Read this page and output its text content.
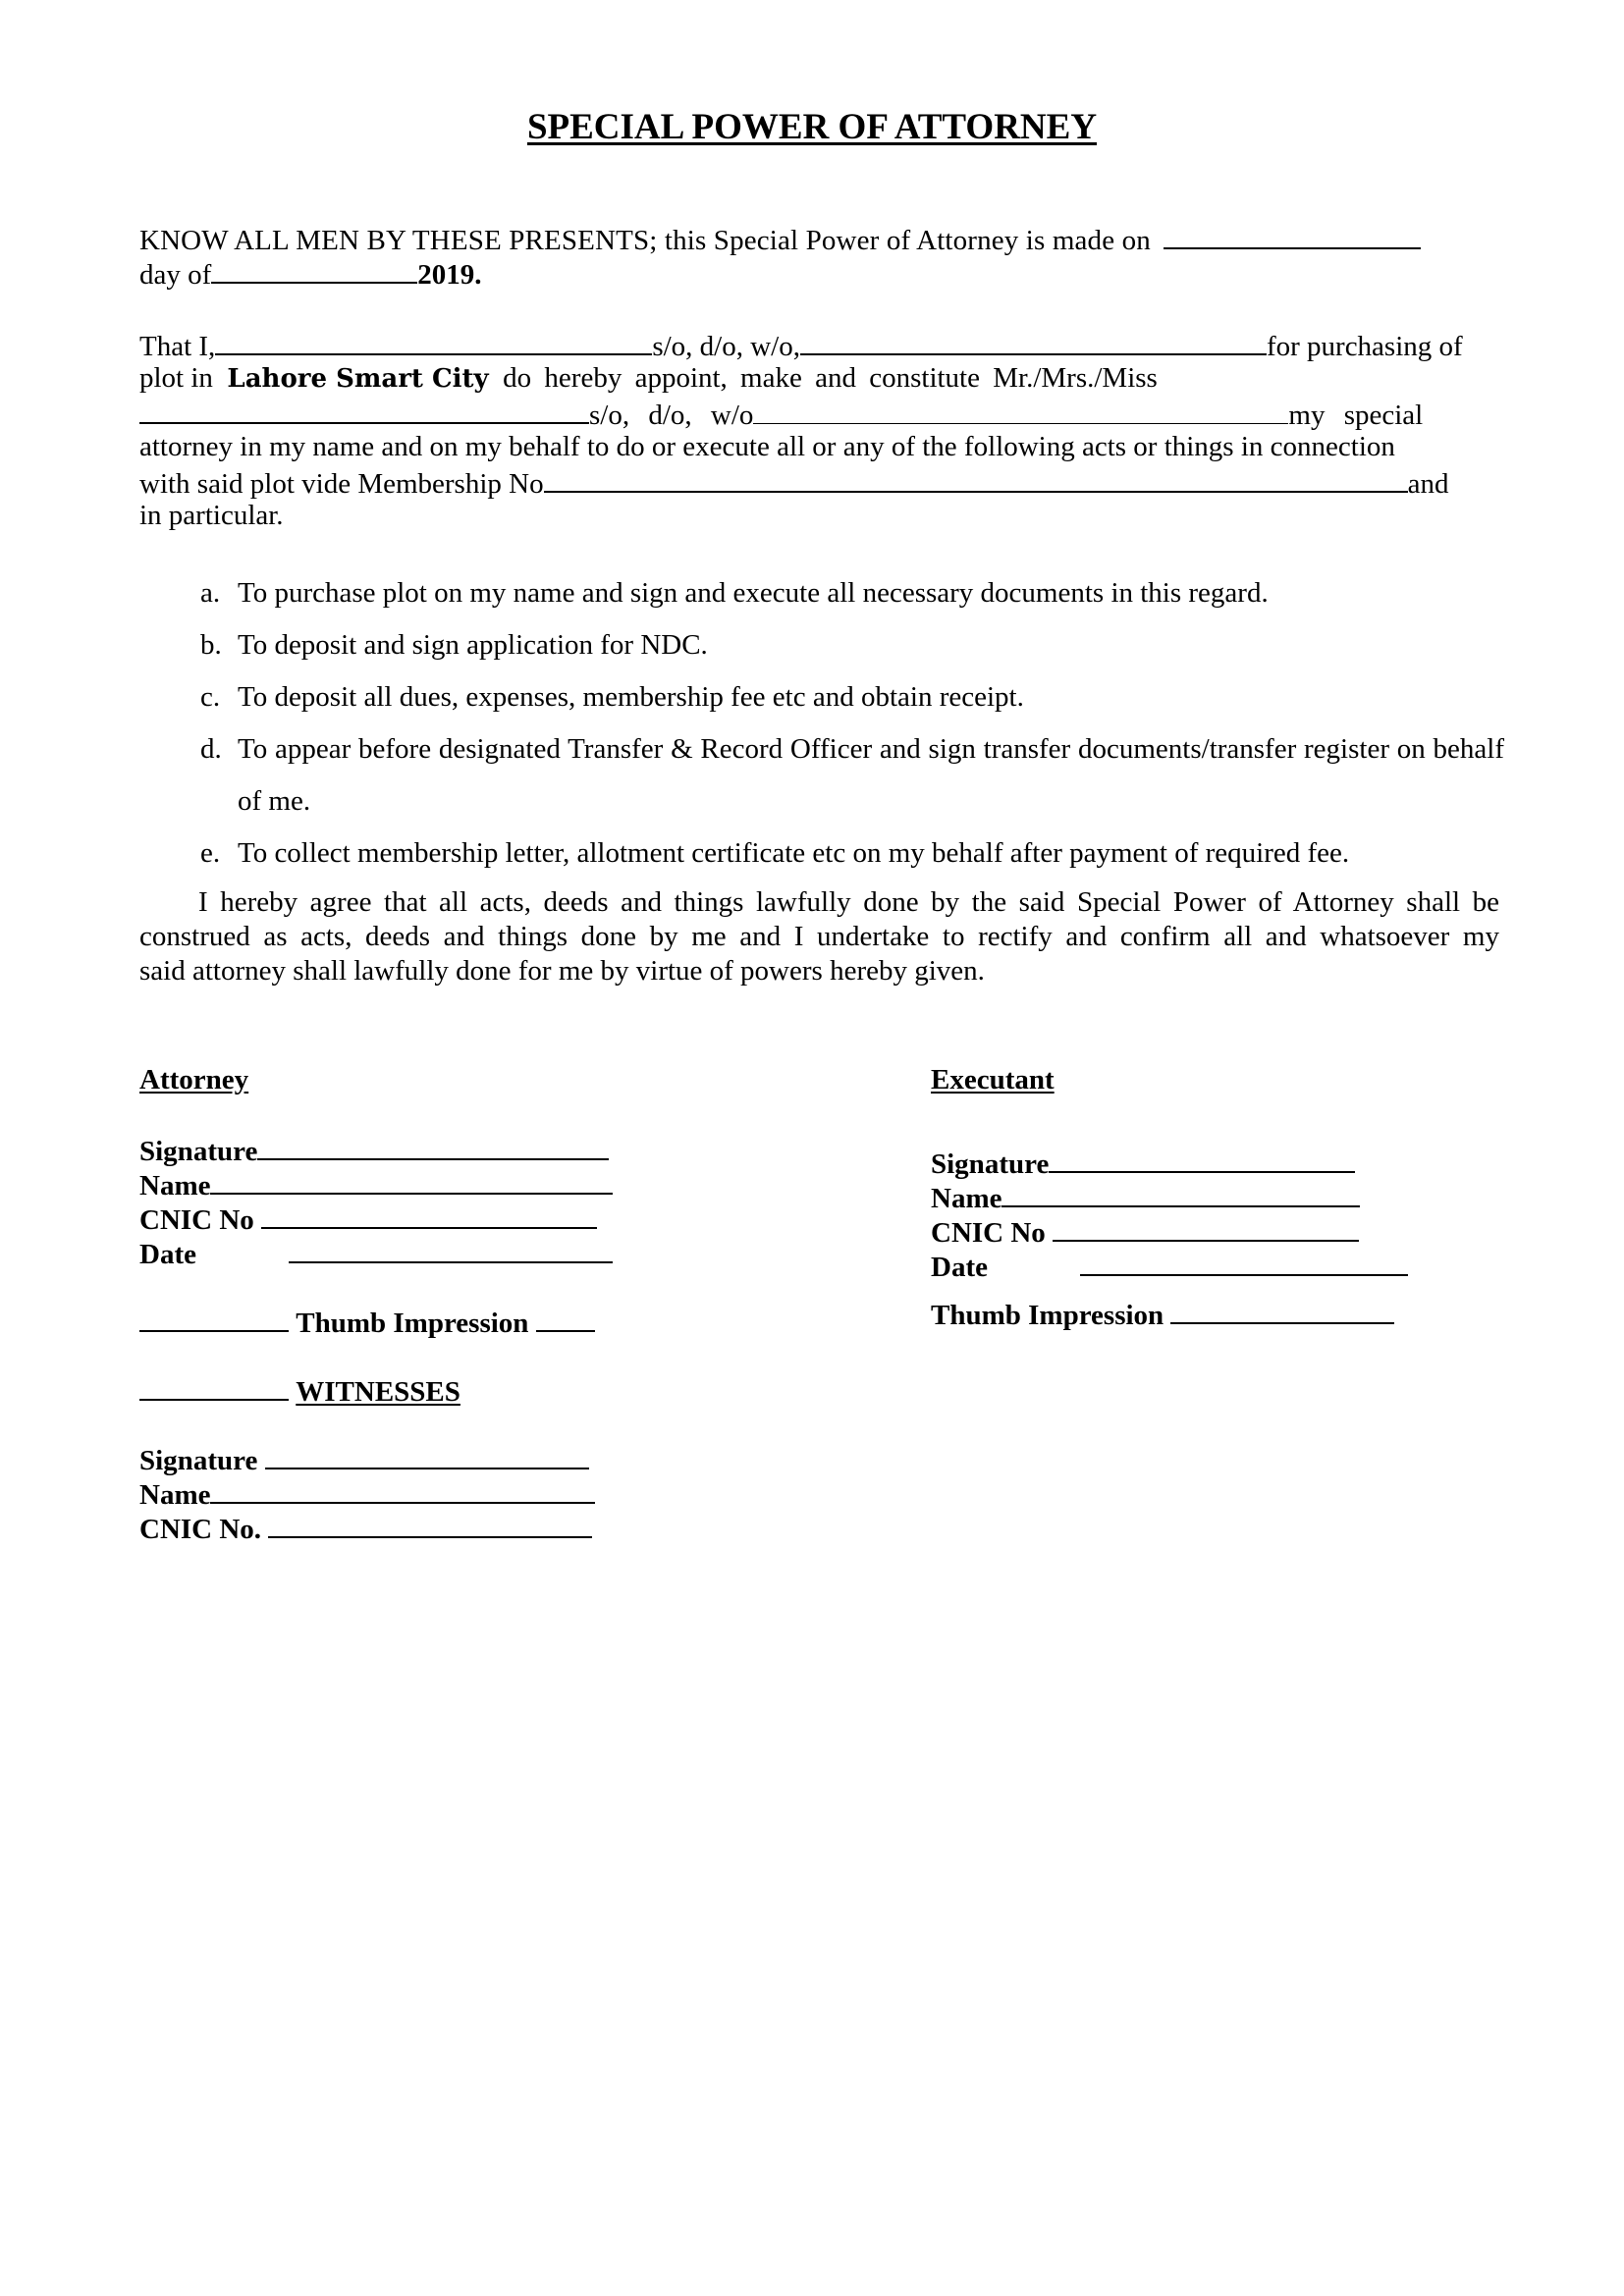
SPECIAL POWER OF ATTORNEY
KNOW ALL MEN BY THESE PRESENTS; this Special Power of Attorney is made on
day of	2019.
That I,	s/o, d/o, w/o,	for purchasing of
plot in Lahore Smart City do hereby appoint, make and constitute Mr./Mrs./Miss
s/o, d/o, w/o	my special
attorney in my name and on my behalf to do or execute all or any of the following acts or things in connection
with said plot vide Membership No	and
in particular.
a. To purchase plot on my name and sign and execute all necessary documents in this regard.
b. To deposit and sign application for NDC.
c. To deposit all dues, expenses, membership fee etc and obtain receipt.
d. To appear before designated Transfer & Record Officer and sign transfer documents/transfer register on behalf of me.
e. To collect membership letter, allotment certificate etc on my behalf after payment of required fee.
I hereby agree that all acts, deeds and things lawfully done by the said Special Power of Attorney shall be
construed as acts, deeds and things done by me and I undertake to rectify and confirm all and whatsoever my
said attorney shall lawfully done for me by virtue of powers hereby given.
Attorney
Signature
Name
CNIC No
Date
Thumb Impression
WITNESSES
Signature
Name
CNIC No.
Executant
Signature
Name
CNIC No
Date
Thumb Impression
